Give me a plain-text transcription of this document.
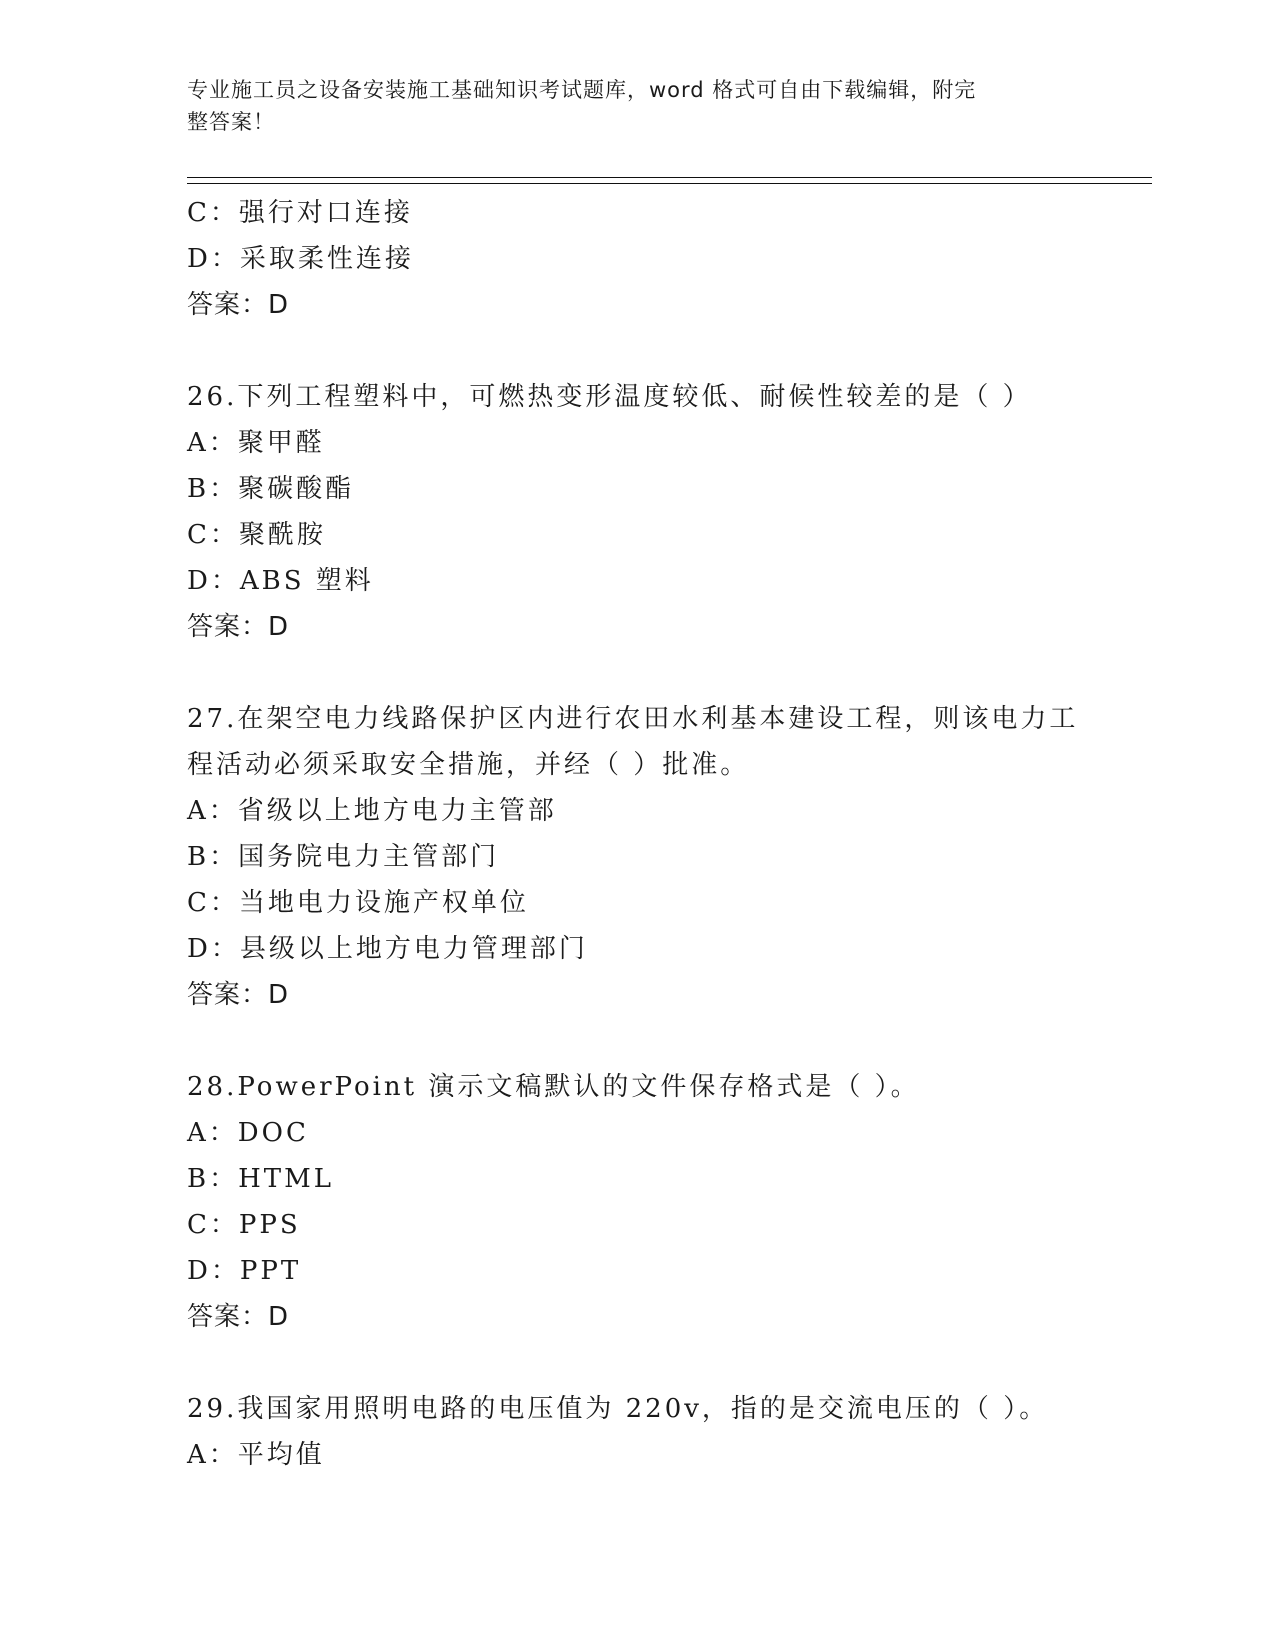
专业施工员之设备安装施工基础知识考试题库，word 格式可自由下载编辑，附完
整答案！
C：强行对口连接
D：采取柔性连接
答案：D
26.下列工程塑料中，可燃热变形温度较低、耐候性较差的是（ ）
A：聚甲醛
B：聚碳酸酯
C：聚酰胺
D：ABS 塑料
答案：D
27.在架空电力线路保护区内进行农田水利基本建设工程，则该电力工
程活动必须采取安全措施，并经（ ）批准。
A：省级以上地方电力主管部
B：国务院电力主管部门
C：当地电力设施产权单位
D：县级以上地方电力管理部门
答案：D
28.PowerPoint 演示文稿默认的文件保存格式是（ ）。
A：DOC
B：HTML
C：PPS
D：PPT
答案：D
29.我国家用照明电路的电压值为 220v，指的是交流电压的（ ）。
A：平均值
